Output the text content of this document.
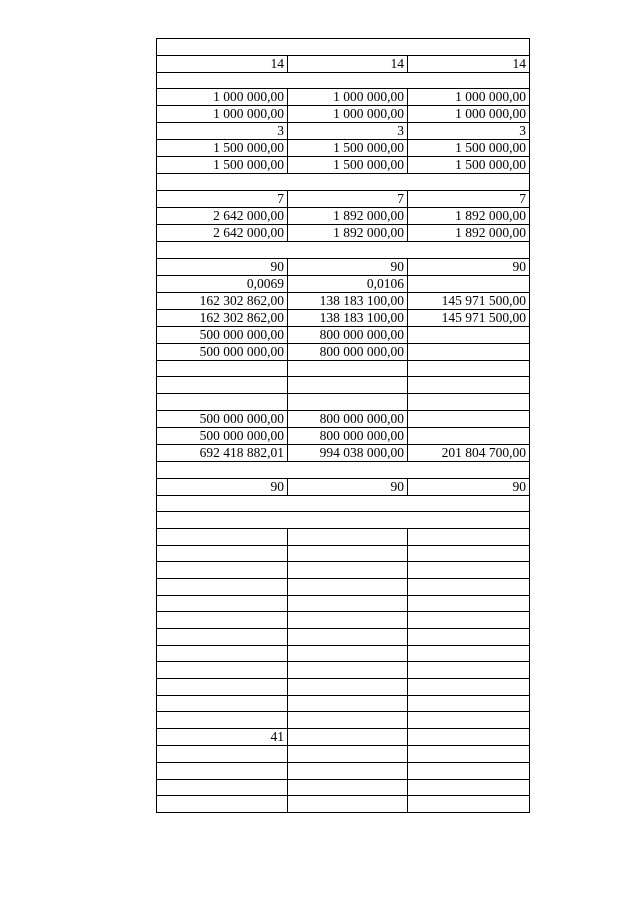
14	14	14

1 000 000,00	1 000 000,00	1 000 000,00
1 000 000,00	1 000 000,00	1 000 000,00
3	3	3
1 500 000,00	1 500 000,00	1 500 000,00
1 500 000,00	1 500 000,00	1 500 000,00

7	7	7
2 642 000,00	1 892 000,00	1 892 000,00
2 642 000,00	1 892 000,00	1 892 000,00

90	90	90
0,0069	0,0106	
162 302 862,00	138 183 100,00	145 971 500,00
162 302 862,00	138 183 100,00	145 971 500,00
500 000 000,00	800 000 000,00	
500 000 000,00	800 000 000,00	

500 000 000,00	800 000 000,00	
500 000 000,00	800 000 000,00	
692 418 882,01	994 038 000,00	201 804 700,00

90	90	90

41		
